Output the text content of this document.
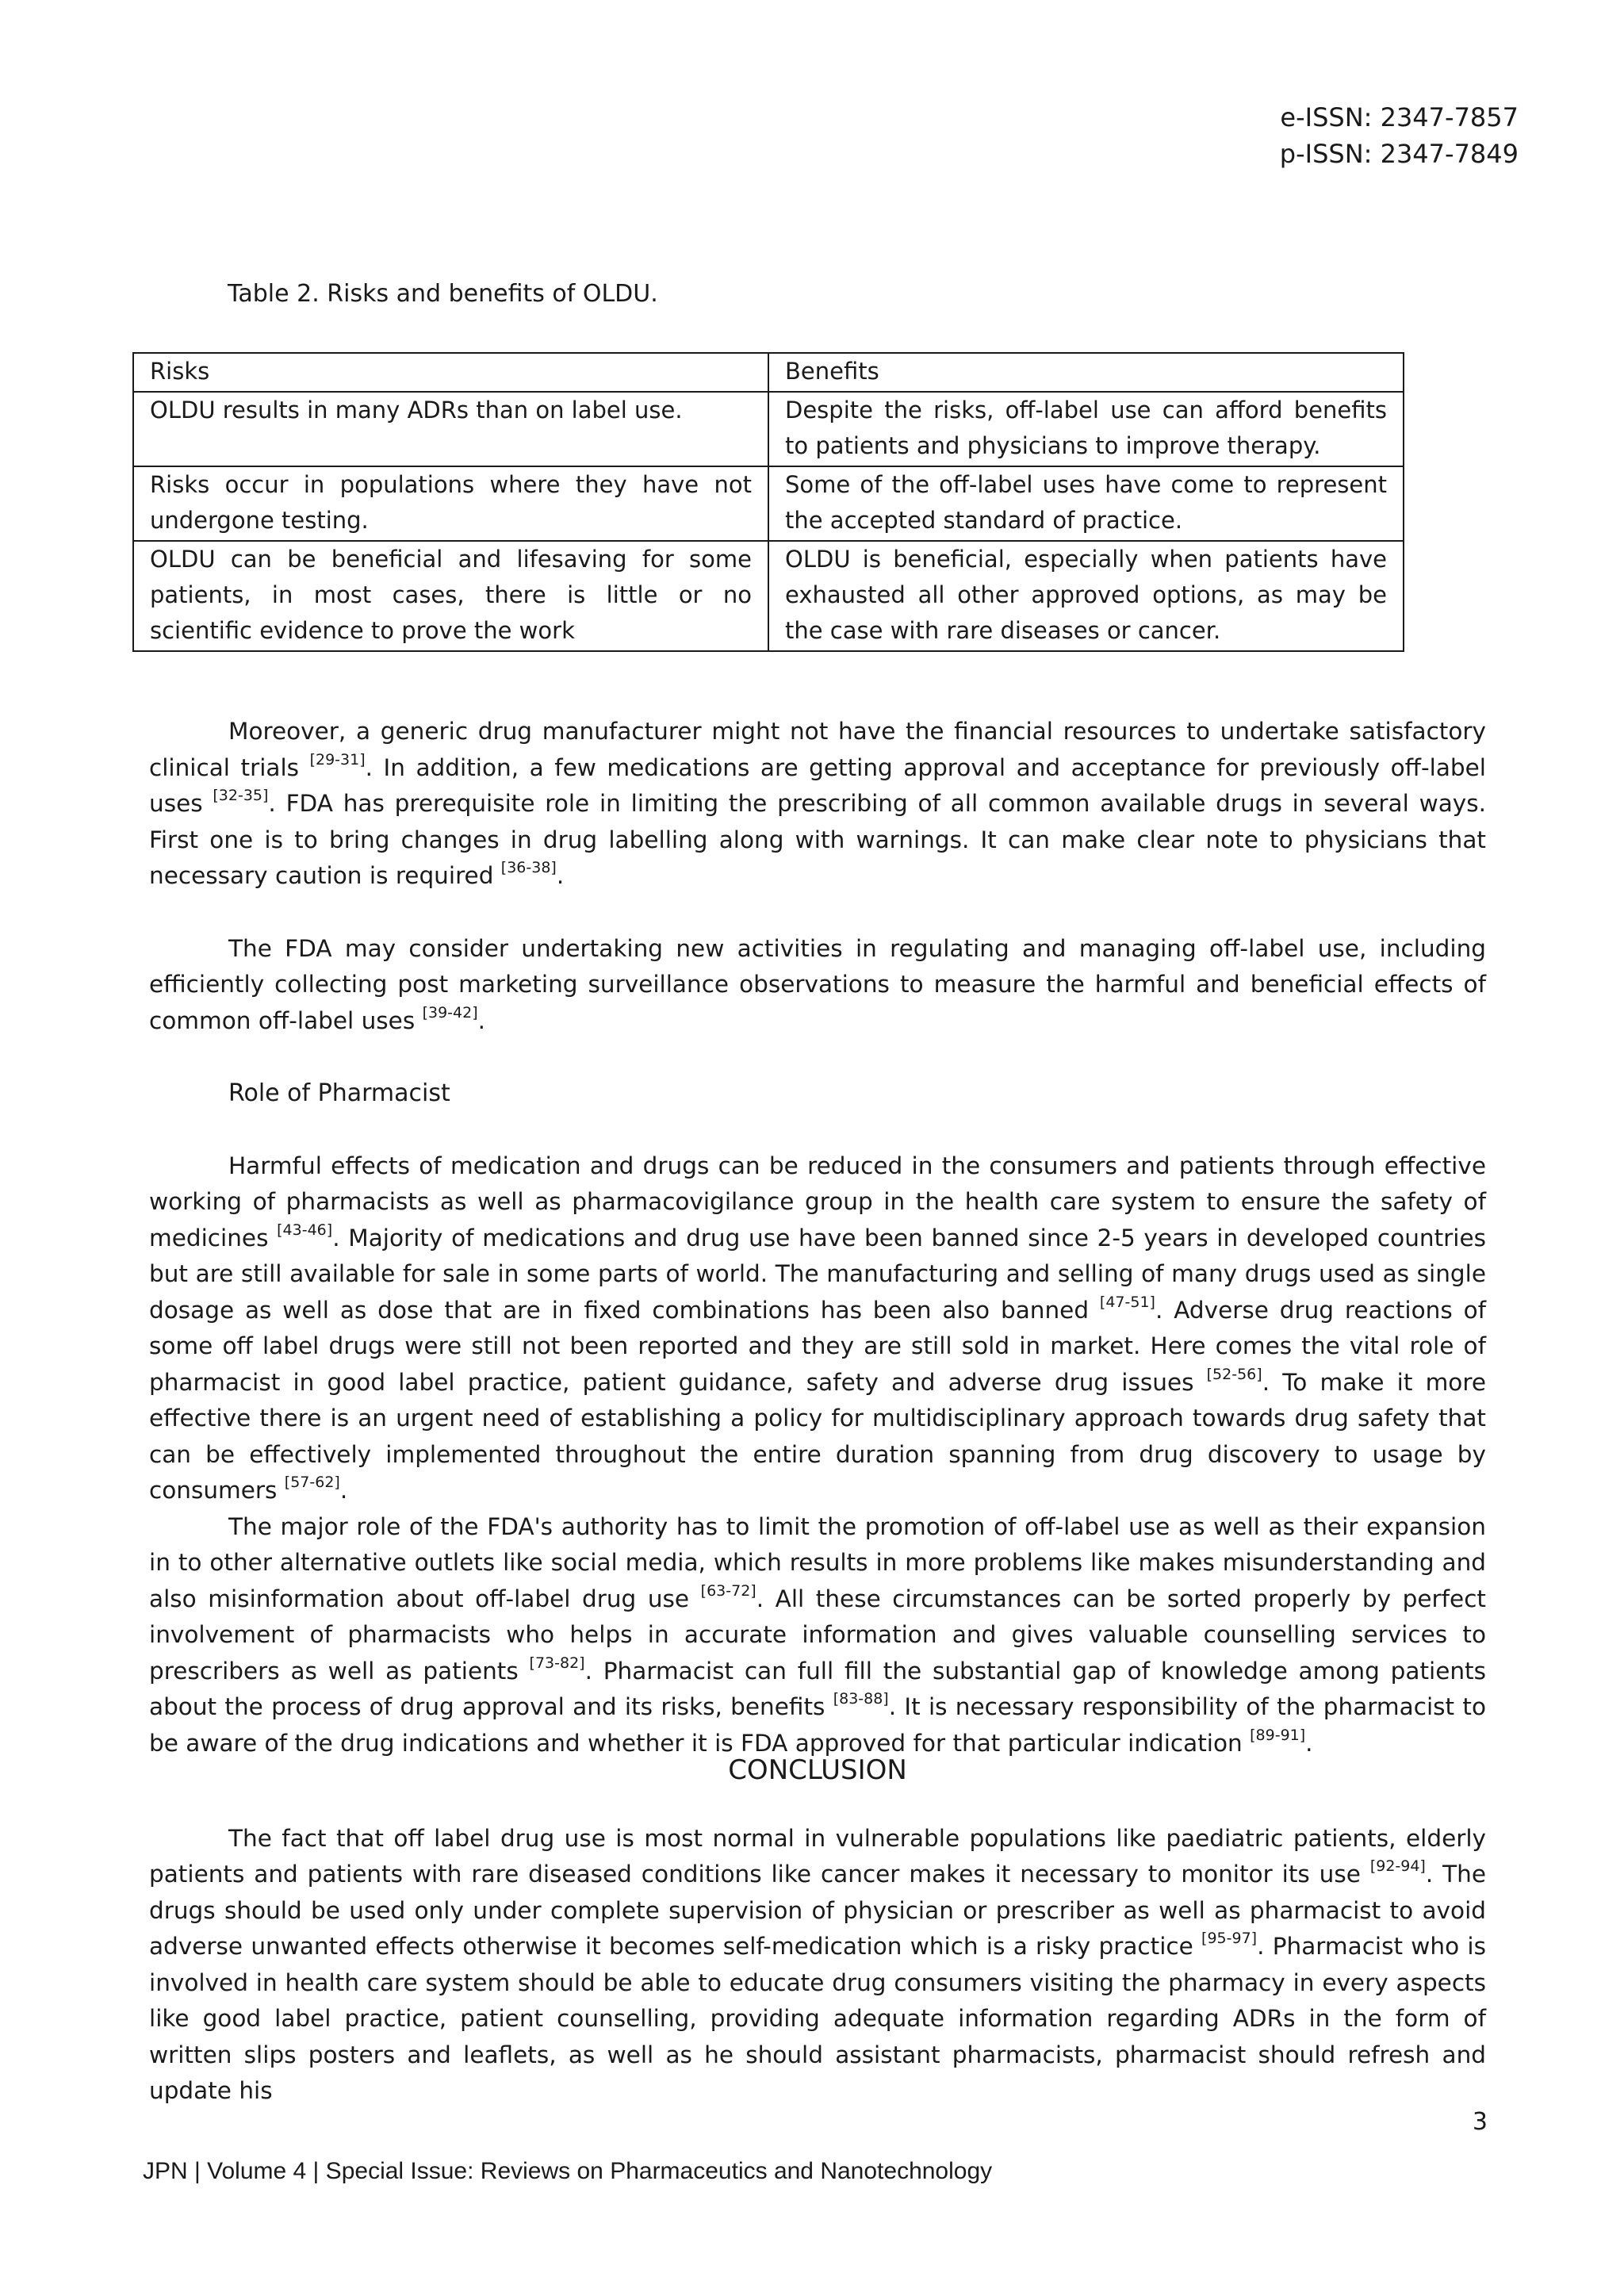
e-ISSN: 2347-7857
p-ISSN: 2347-7849
Table 2. Risks and benefits of OLDU.
Risks	Benefits
OLDU results in many ADRs than on label use.	Despite the risks, off-label use can afford benefits to patients and physicians to improve therapy.
Risks occur in populations where they have not undergone testing.	Some of the off-label uses have come to represent the accepted standard of practice.
OLDU can be beneficial and lifesaving for some patients, in most cases, there is little or no scientific evidence to prove the work	OLDU is beneficial, especially when patients have exhausted all other approved options, as may be the case with rare diseases or cancer.

Moreover, a generic drug manufacturer might not have the financial resources to undertake satisfactory clinical trials [29-31]. In addition, a few medications are getting approval and acceptance for previously off-label uses [32-35]. FDA has prerequisite role in limiting the prescribing of all common available drugs in several ways. First one is to bring changes in drug labelling along with warnings. It can make clear note to physicians that necessary caution is required [36-38].

The FDA may consider undertaking new activities in regulating and managing off-label use, including efficiently collecting post marketing surveillance observations to measure the harmful and beneficial effects of common off-label uses [39-42].

Role of Pharmacist

Harmful effects of medication and drugs can be reduced in the consumers and patients through effective working of pharmacists as well as pharmacovigilance group in the health care system to ensure the safety of medicines [43-46]. Majority of medications and drug use have been banned since 2-5 years in developed countries but are still available for sale in some parts of world. The manufacturing and selling of many drugs used as single dosage as well as dose that are in fixed combinations has been also banned [47-51]. Adverse drug reactions of some off label drugs were still not been reported and they are still sold in market. Here comes the vital role of pharmacist in good label practice, patient guidance, safety and adverse drug issues [52-56]. To make it more effective there is an urgent need of establishing a policy for multidisciplinary approach towards drug safety that can be effectively implemented throughout the entire duration spanning from drug discovery to usage by consumers [57-62].

The major role of the FDA's authority has to limit the promotion of off-label use as well as their expansion in to other alternative outlets like social media, which results in more problems like makes misunderstanding and also misinformation about off-label drug use [63-72]. All these circumstances can be sorted properly by perfect involvement of pharmacists who helps in accurate information and gives valuable counselling services to prescribers as well as patients [73-82]. Pharmacist can full fill the substantial gap of knowledge among patients about the process of drug approval and its risks, benefits [83-88]. It is necessary responsibility of the pharmacist to be aware of the drug indications and whether it is FDA approved for that particular indication [89-91].

CONCLUSION

The fact that off label drug use is most normal in vulnerable populations like paediatric patients, elderly patients and patients with rare diseased conditions like cancer makes it necessary to monitor its use [92-94]. The drugs should be used only under complete supervision of physician or prescriber as well as pharmacist to avoid adverse unwanted effects otherwise it becomes self-medication which is a risky practice [95-97]. Pharmacist who is involved in health care system should be able to educate drug consumers visiting the pharmacy in every aspects like good label practice, patient counselling, providing adequate information regarding ADRs in the form of written slips posters and leaflets, as well as he should assistant pharmacists, pharmacist should refresh and update his

3
JPN | Volume 4 | Special Issue: Reviews on Pharmaceutics and Nanotechnology
